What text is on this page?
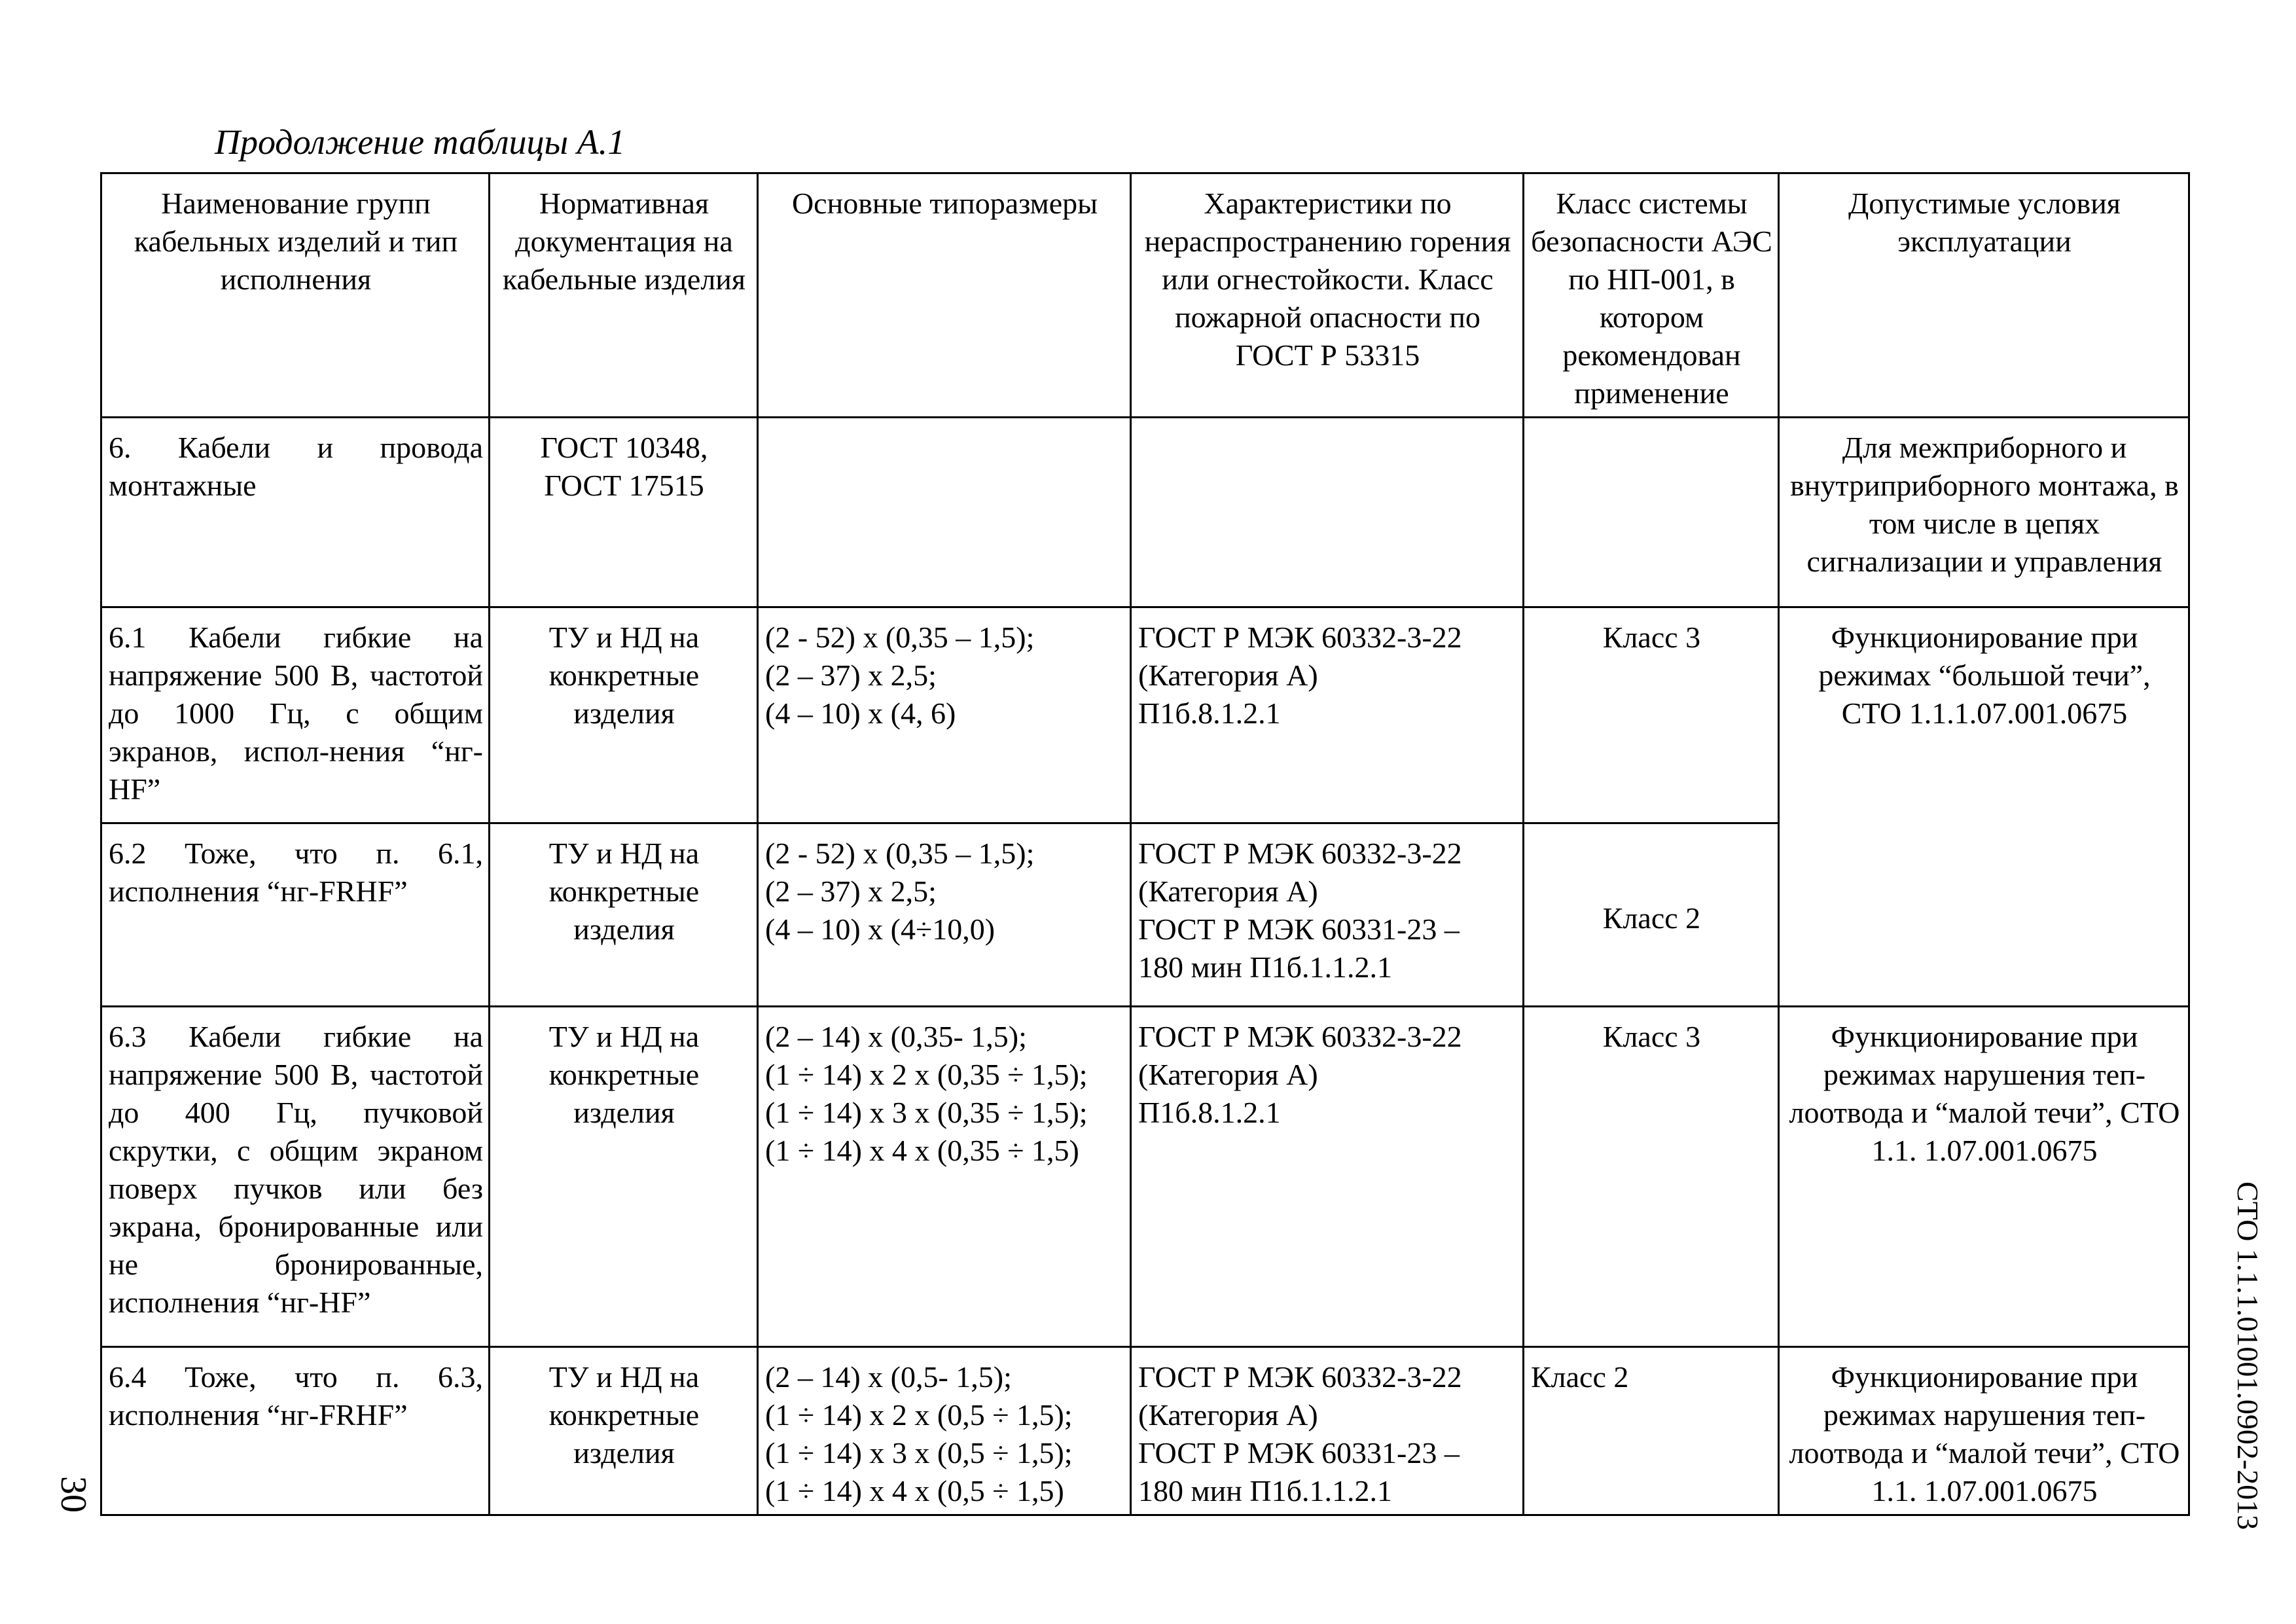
Продолжение таблицы А.1
Наименование групп кабельных изделий и тип исполнения	Нормативная документация на кабельные изделия	Основные типоразмеры	Характеристики по нераспространению горения или огнестойкости. Класс пожарной опасности по ГОСТ Р 53315	Класс системы безопасности АЭС по НП-001, в котором рекомендован применение	Допустимые условия эксплуатации
6. Кабели и провода монтажные	ГОСТ 10348,
ГОСТ 17515				Для межприборного и внутриприборного монтажа, в том числе в цепях сигнализации и управления
6.1 Кабели гибкие на напряжение 500 В, частотой до 1000 Гц, с общим экранов, испол-нения “нг-HF”	ТУ и НД на конкретные изделия	(2 - 52) х (0,35 – 1,5);
(2 – 37) х 2,5;
(4 – 10) х (4, 6)	ГОСТ Р МЭК 60332-3-22
(Категория А)
П1б.8.1.2.1	Класс 3	Функционирование при режимах “большой течи”, СТО 1.1.1.07.001.0675
6.2 Тоже, что п. 6.1, исполнения “нг-FRHF”	ТУ и НД на конкретные изделия	(2 - 52) х (0,35 – 1,5);
(2 – 37) х 2,5;
(4 – 10) х (4÷10,0)	ГОСТ Р МЭК 60332-3-22
(Категория А)
ГОСТ Р МЭК 60331-23 –
180 мин П1б.1.1.2.1	Класс 2	
6.3 Кабели гибкие на напряжение 500 В, частотой до 400 Гц, пучковой скрутки, с общим экраном поверх пучков или без экрана, бронированные или не бронированные, исполнения “нг-HF”	ТУ и НД на конкретные изделия	(2 – 14) х (0,35- 1,5);
(1 ÷ 14) х 2 х (0,35 ÷ 1,5);
(1 ÷ 14) х 3 х (0,35 ÷ 1,5);
(1 ÷ 14) х 4 х (0,35 ÷ 1,5)	ГОСТ Р МЭК 60332-3-22
(Категория А)
П1б.8.1.2.1	Класс 3	Функционирование при режимах нарушения теп-лоотвода и “малой течи”, СТО 1.1. 1.07.001.0675
6.4 Тоже, что п. 6.3, исполнения “нг-FRHF”	ТУ и НД на конкретные изделия	(2 – 14) х (0,5- 1,5);
(1 ÷ 14) х 2 х (0,5 ÷ 1,5);
(1 ÷ 14) х 3 х (0,5 ÷ 1,5);
(1 ÷ 14) х 4 х (0,5 ÷ 1,5)	ГОСТ Р МЭК 60332-3-22
(Категория А)
ГОСТ Р МЭК 60331-23 –
180 мин П1б.1.1.2.1	Класс 2	Функционирование при режимах нарушения теп-лоотвода и “малой течи”, СТО 1.1. 1.07.001.0675	СТО 1.1.1.01001.0902-2013
30
